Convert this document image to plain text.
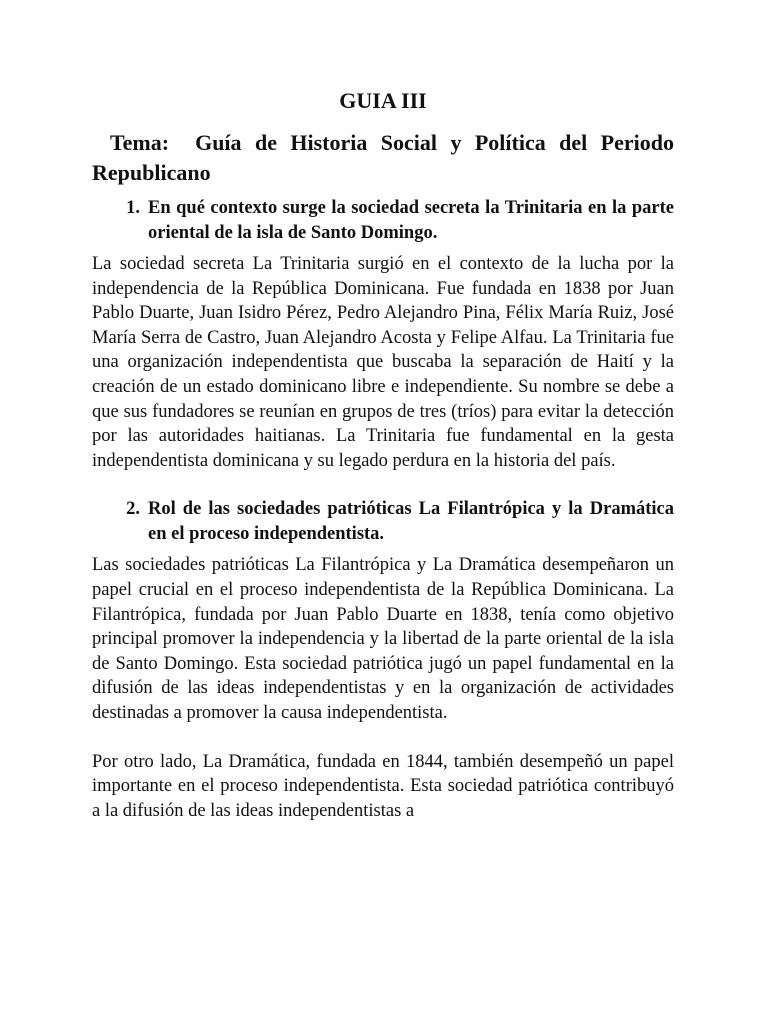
GUIA III

Tema: Guía de Historia Social y Política del Periodo Republicano

1. En qué contexto surge la sociedad secreta la Trinitaria en la parte oriental de la isla de Santo Domingo.

La sociedad secreta La Trinitaria surgió en el contexto de la lucha por la independencia de la República Dominicana. Fue fundada en 1838 por Juan Pablo Duarte, Juan Isidro Pérez, Pedro Alejandro Pina, Félix María Ruiz, José María Serra de Castro, Juan Alejandro Acosta y Felipe Alfau. La Trinitaria fue una organización independentista que buscaba la separación de Haití y la creación de un estado dominicano libre e independiente. Su nombre se debe a que sus fundadores se reunían en grupos de tres (tríos) para evitar la detección por las autoridades haitianas. La Trinitaria fue fundamental en la gesta independentista dominicana y su legado perdura en la historia del país.

2. Rol de las sociedades patrióticas La Filantrópica y la Dramática en el proceso independentista.

Las sociedades patrióticas La Filantrópica y La Dramática desempeñaron un papel crucial en el proceso independentista de la República Dominicana. La Filantrópica, fundada por Juan Pablo Duarte en 1838, tenía como objetivo principal promover la independencia y la libertad de la parte oriental de la isla de Santo Domingo. Esta sociedad patriótica jugó un papel fundamental en la difusión de las ideas independentistas y en la organización de actividades destinadas a promover la causa independentista.

Por otro lado, La Dramática, fundada en 1844, también desempeñó un papel importante en el proceso independentista. Esta sociedad patriótica contribuyó a la difusión de las ideas independentistas a
